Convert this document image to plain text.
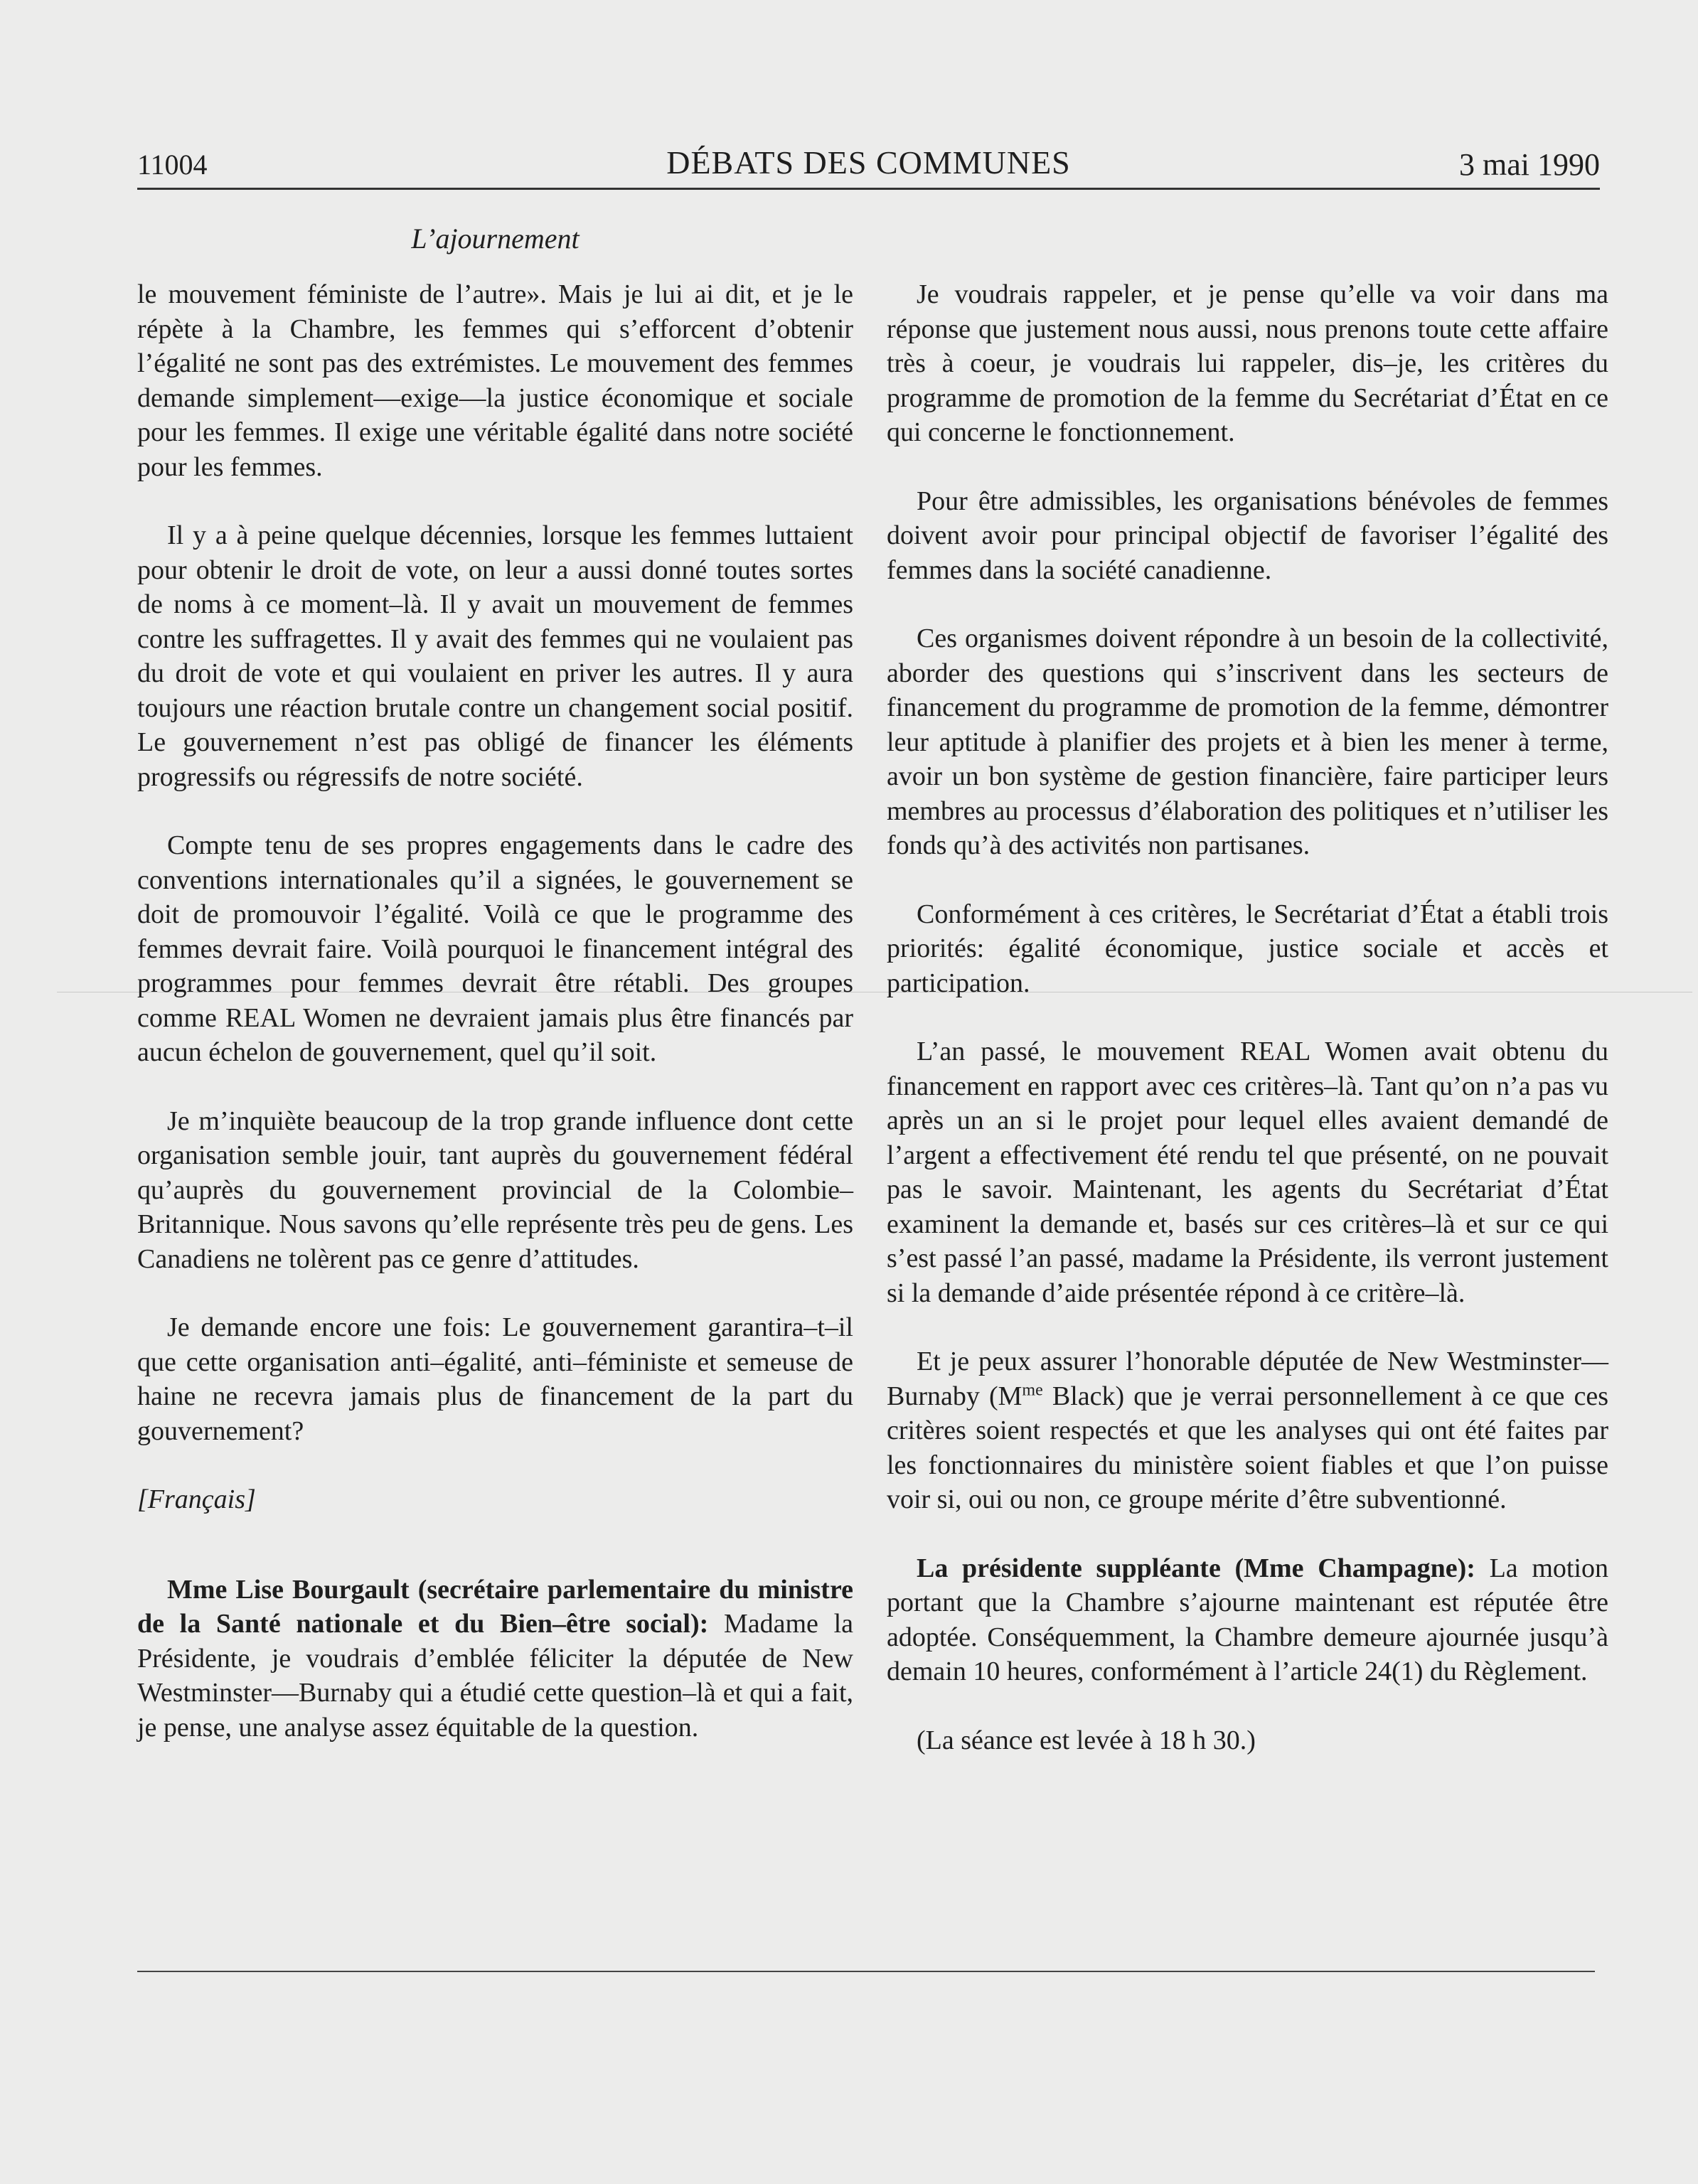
11004	DÉBATS DES COMMUNES	3 mai 1990
L’ajournement

le mouvement féministe de l’autre». Mais je lui ai dit, et je le répète à la Chambre, les femmes qui s’efforcent d’obtenir l’égalité ne sont pas des extrémistes. Le mouvement des femmes demande simplement—exige—la justice économique et sociale pour les femmes. Il exige une véritable égalité dans notre société pour les femmes.

Il y a à peine quelque décennies, lorsque les femmes luttaient pour obtenir le droit de vote, on leur a aussi donné toutes sortes de noms à ce moment–là. Il y avait un mouvement de femmes contre les suffragettes. Il y avait des femmes qui ne voulaient pas du droit de vote et qui voulaient en priver les autres. Il y aura toujours une réaction brutale contre un changement social positif. Le gouvernement n’est pas obligé de financer les éléments progressifs ou régressifs de notre société.

Compte tenu de ses propres engagements dans le cadre des conventions internationales qu’il a signées, le gouvernement se doit de promouvoir l’égalité. Voilà ce que le programme des femmes devrait faire. Voilà pourquoi le financement intégral des programmes pour femmes devrait être rétabli. Des groupes comme REAL Women ne devraient jamais plus être financés par aucun échelon de gouvernement, quel qu’il soit.

Je m’inquiète beaucoup de la trop grande influence dont cette organisation semble jouir, tant auprès du gouvernement fédéral qu’auprès du gouvernement provincial de la Colombie–Britannique. Nous savons qu’elle représente très peu de gens. Les Canadiens ne tolèrent pas ce genre d’attitudes.

Je demande encore une fois: Le gouvernement garantira–t–il que cette organisation anti–égalité, anti–féministe et semeuse de haine ne recevra jamais plus de financement de la part du gouvernement?

[Français]

Mme Lise Bourgault (secrétaire parlementaire du ministre de la Santé nationale et du Bien–être social): Madame la Présidente, je voudrais d’emblée féliciter la députée de New Westminster—Burnaby qui a étudié cette question–là et qui a fait, je pense, une analyse assez équitable de la question.

Je voudrais rappeler, et je pense qu’elle va voir dans ma réponse que justement nous aussi, nous prenons toute cette affaire très à coeur, je voudrais lui rappeler, dis–je, les critères du programme de promotion de la femme du Secrétariat d’État en ce qui concerne le fonctionnement.

Pour être admissibles, les organisations bénévoles de femmes doivent avoir pour principal objectif de favoriser l’égalité des femmes dans la société canadienne.

Ces organismes doivent répondre à un besoin de la collectivité, aborder des questions qui s’inscrivent dans les secteurs de financement du programme de promotion de la femme, démontrer leur aptitude à planifier des projets et à bien les mener à terme, avoir un bon système de gestion financière, faire participer leurs membres au processus d’élaboration des politiques et n’utiliser les fonds qu’à des activités non partisanes.

Conformément à ces critères, le Secrétariat d’État a établi trois priorités: égalité économique, justice sociale et accès et participation.

L’an passé, le mouvement REAL Women avait obtenu du financement en rapport avec ces critères–là. Tant qu’on n’a pas vu après un an si le projet pour lequel elles avaient demandé de l’argent a effectivement été rendu tel que présenté, on ne pouvait pas le savoir. Maintenant, les agents du Secrétariat d’État examinent la demande et, basés sur ces critères–là et sur ce qui s’est passé l’an passé, madame la Présidente, ils verront justement si la demande d’aide présentée répond à ce critère–là.

Et je peux assurer l’honorable députée de New Westminster—Burnaby ($M^{me}$ Black) que je verrai personnellement à ce que ces critères soient respectés et que les analyses qui ont été faites par les fonctionnaires du ministère soient fiables et que l’on puisse voir si, oui ou non, ce groupe mérite d’être subventionné.

La présidente suppléante (Mme Champagne): La motion portant que la Chambre s’ajourne maintenant est réputée être adoptée. Conséquemment, la Chambre demeure ajournée jusqu’à demain 10 heures, conformément à l’article 24(1) du Règlement.

(La séance est levée à 18 h 30.)
